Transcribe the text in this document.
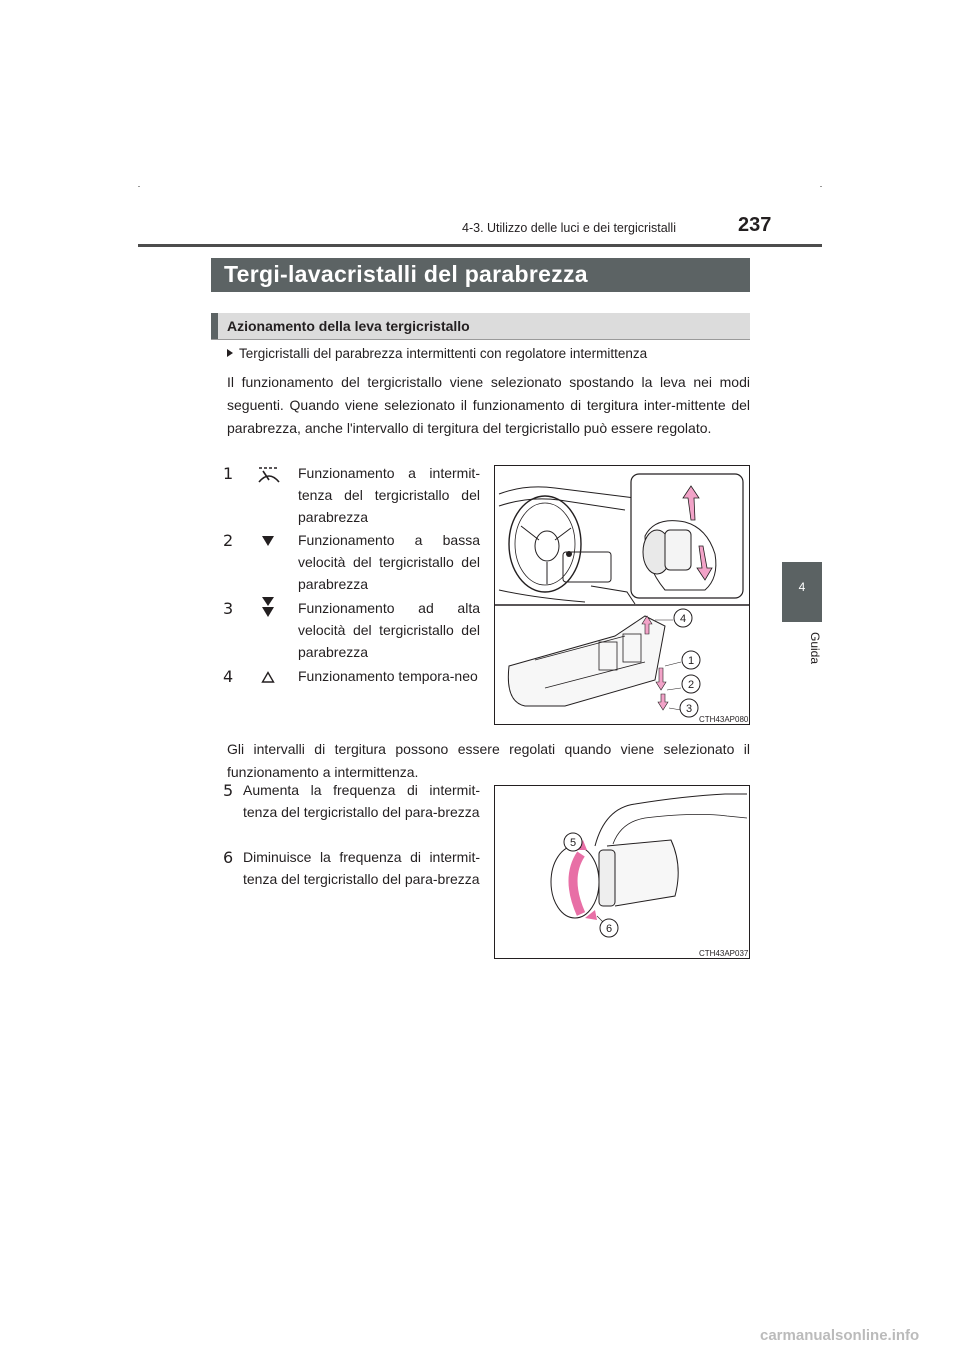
4-3. Utilizzo delle luci e dei tergicristalli	237
4
Guida
Tergi-lavacristalli del parabrezza
Azionamento della leva tergicristallo
Tergicristalli del parabrezza intermittenti con regolatore intermittenza
Il funzionamento del tergicristallo viene selezionato spostando la leva nei modi seguenti. Quando viene selezionato il funzionamento di tergitura inter-mittente del parabrezza, anche l'intervallo di tergitura del tergicristallo può essere regolato.
1	Funzionamento a intermit-tenza del tergicristallo del parabrezza
2	Funzionamento a bassa velocità del tergicristallo del parabrezza
3	Funzionamento ad alta velocità del tergicristallo del parabrezza
4	Funzionamento tempora-neo
4
1
2
3
CTH43AP080
Gli intervalli di tergitura possono essere regolati quando viene selezionato il funzionamento a intermittenza.
5 Aumenta la frequenza di intermit-tenza del tergicristallo del para-brezza
6 Diminuisce la frequenza di intermit-tenza del tergicristallo del para-brezza
5
6
CTH43AP037
carmanualsonline.info
